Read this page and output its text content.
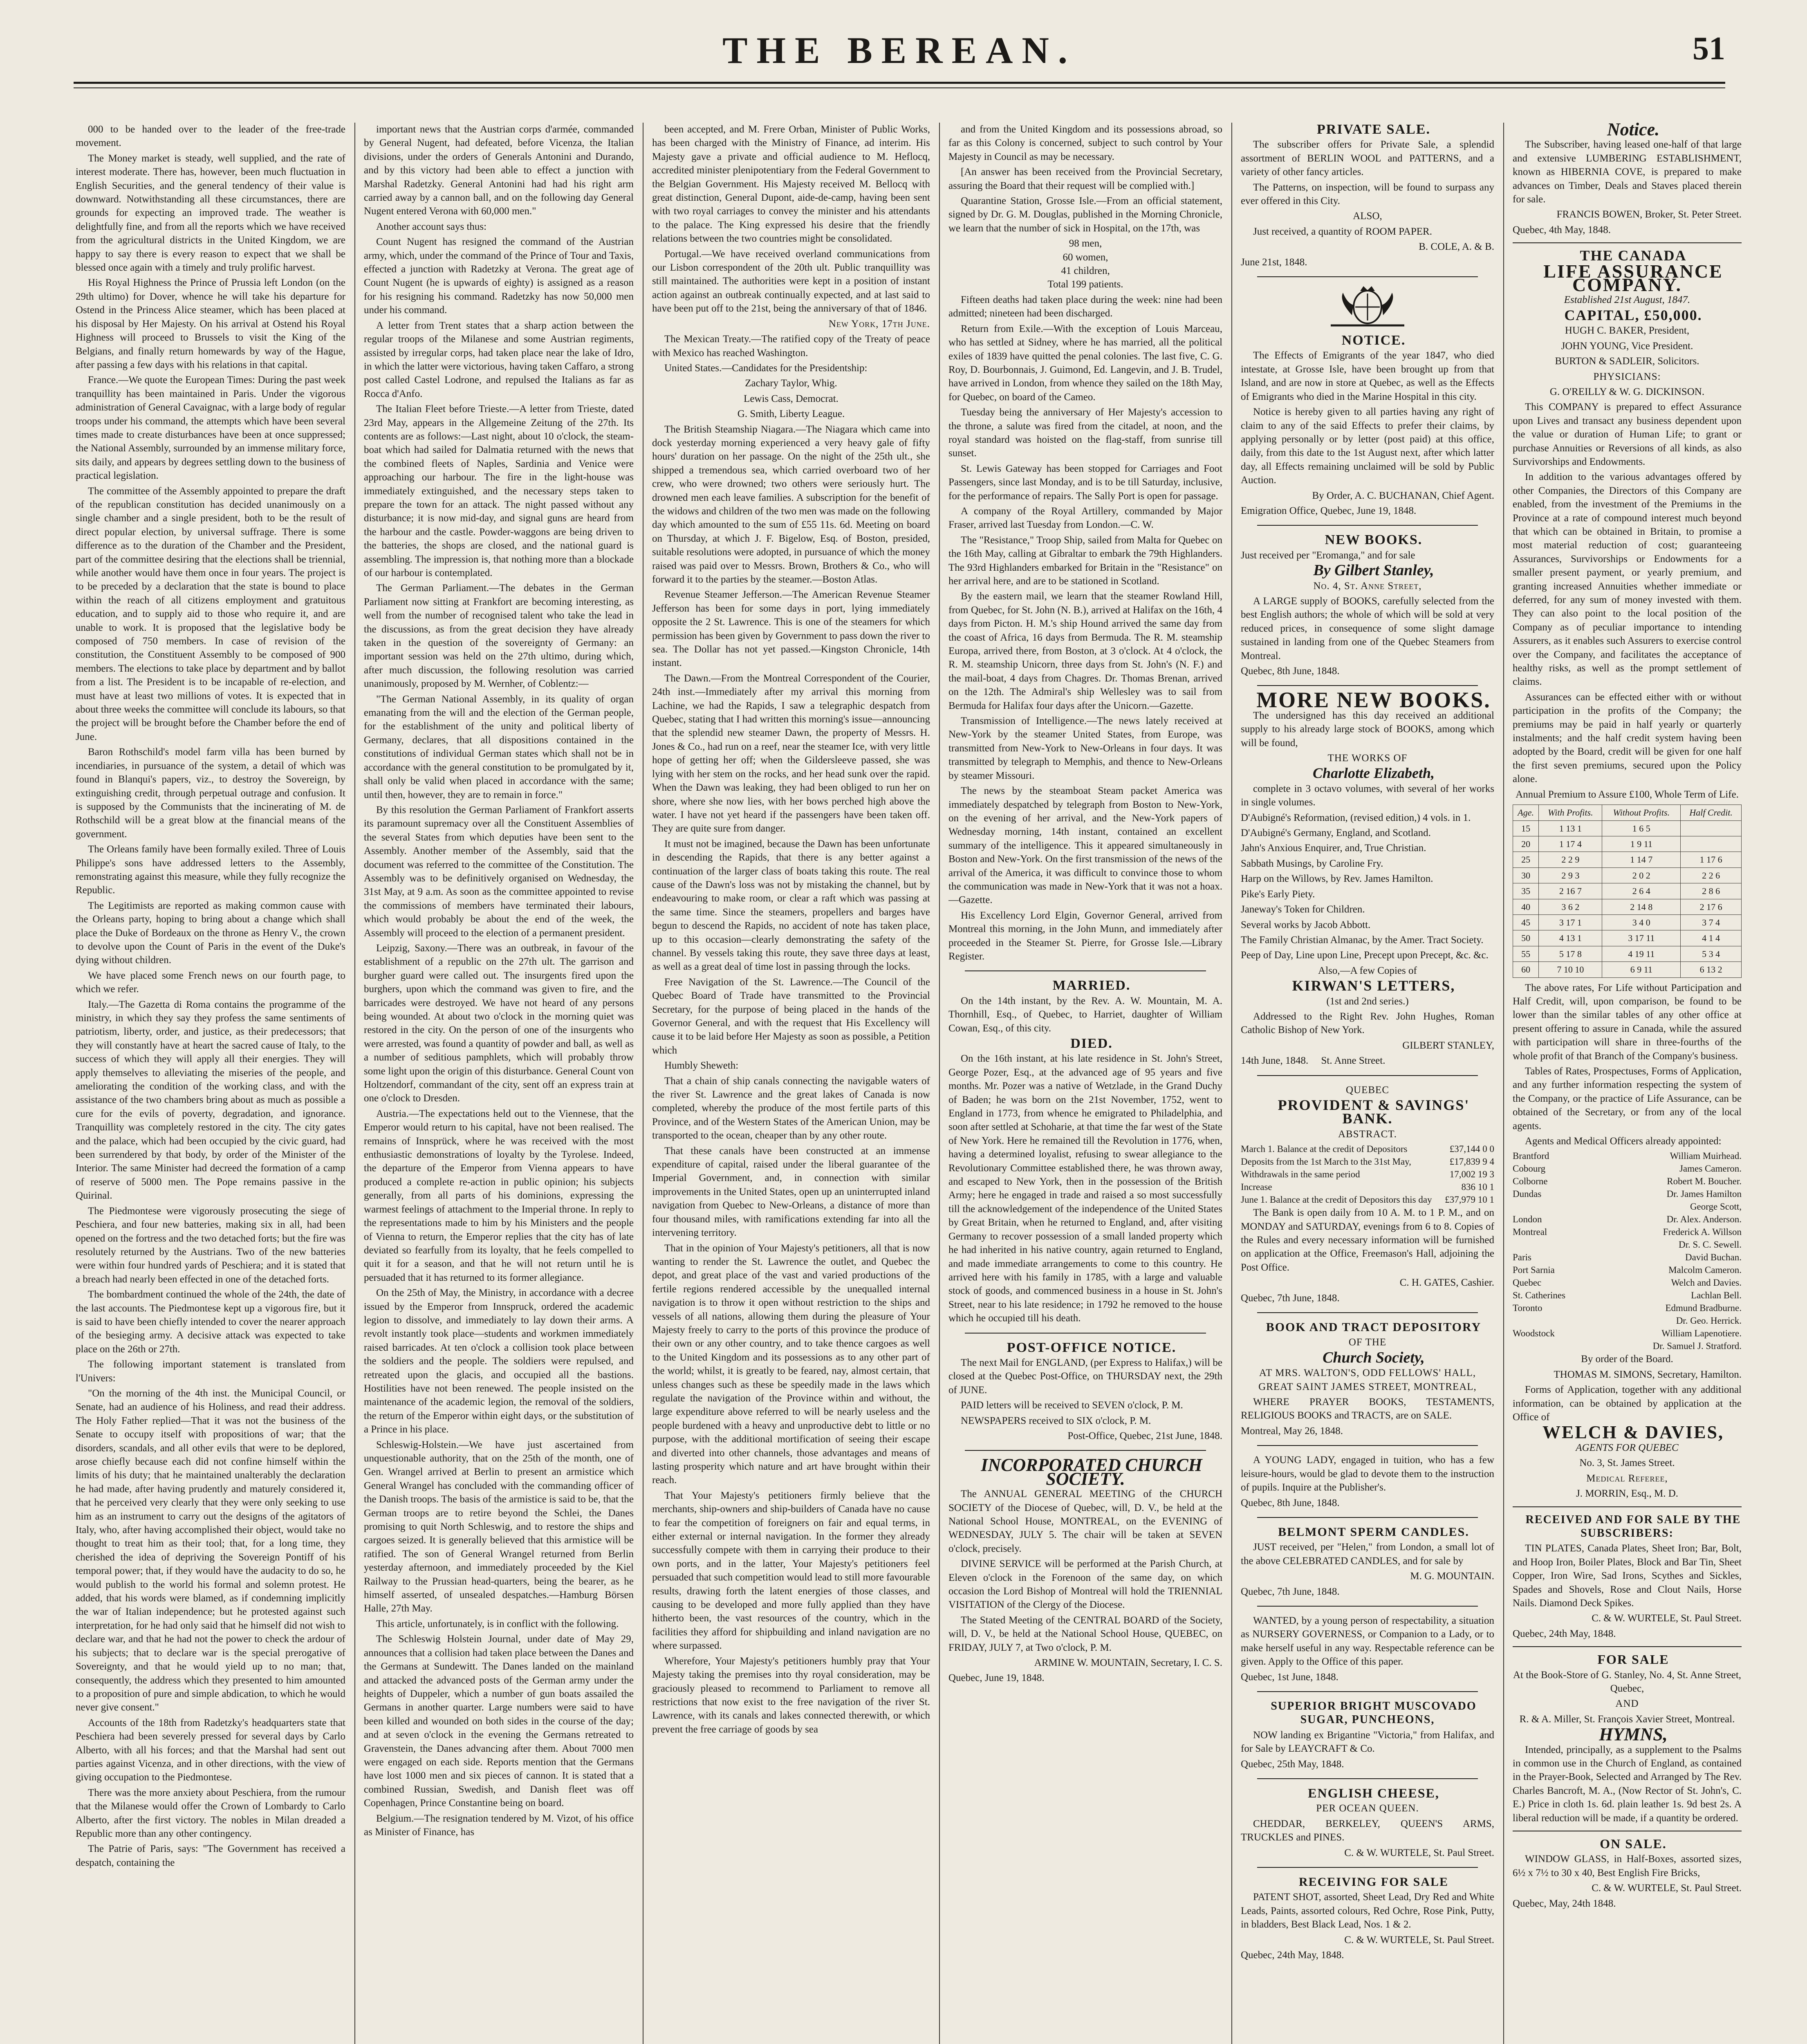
THE BEREAN.	51

000 to be handed over to the leader of the free-trade movement.

The Money market is steady, well supplied, and the rate of interest moderate. There has, however, been much fluctuation in English Securities, and the general tendency of their value is downward. Notwithstanding all these circumstances, there are grounds for expecting an improved trade. The weather is delightfully fine, and from all the reports which we have received from the agricultural districts in the United Kingdom, we are happy to say there is every reason to expect that we shall be blessed once again with a timely and truly prolific harvest.

His Royal Highness the Prince of Prussia left London (on the 29th ultimo) for Dover, whence he will take his departure for Ostend in the Princess Alice steamer, which has been placed at his disposal by Her Majesty. On his arrival at Ostend his Royal Highness will proceed to Brussels to visit the King of the Belgians, and finally return homewards by way of the Hague, after passing a few days with his relations in that capital.

France.—We quote the European Times: During the past week tranquillity has been maintained in Paris. Under the vigorous administration of General Cavaignac, with a large body of regular troops under his command, the attempts which have been several times made to create disturbances have been at once suppressed; the National Assembly, surrounded by an immense military force, sits daily, and appears by degrees settling down to the business of practical legislation.

The committee of the Assembly appointed to prepare the draft of the republican constitution has decided unanimously on a single chamber and a single president, both to be the result of direct popular election, by universal suffrage. There is some difference as to the duration of the Chamber and the President, part of the committee desiring that the elections shall be triennial, while another would have them once in four years. The project is to be preceded by a declaration that the state is bound to place within the reach of all citizens employment and gratuitous education, and to supply aid to those who require it, and are unable to work. It is proposed that the legislative body be composed of 750 members. In case of revision of the constitution, the Constituent Assembly to be composed of 900 members. The elections to take place by department and by ballot from a list. The President is to be incapable of re-election, and must have at least two millions of votes. It is expected that in about three weeks the committee will conclude its labours, so that the project will be brought before the Chamber before the end of June.

Baron Rothschild's model farm villa has been burned by incendiaries, in pursuance of the system, a detail of which was found in Blanqui's papers, viz., to destroy the Sovereign, by extinguishing credit, through perpetual outrage and confusion. It is supposed by the Communists that the incinerating of M. de Rothschild will be a great blow at the financial means of the government.

The Orleans family have been formally exiled. Three of Louis Philippe's sons have addressed letters to the Assembly, remonstrating against this measure, while they fully recognize the Republic.

The Legitimists are reported as making common cause with the Orleans party, hoping to bring about a change which shall place the Duke of Bordeaux on the throne as Henry V., the crown to devolve upon the Count of Paris in the event of the Duke's dying without children.

We have placed some French news on our fourth page, to which we refer.

Italy.—The Gazetta di Roma contains the programme of the ministry, in which they say they profess the same sentiments of patriotism, liberty, order, and justice, as their predecessors; that they will constantly have at heart the sacred cause of Italy, to the success of which they will apply all their energies. They will apply themselves to alleviating the miseries of the people, and ameliorating the condition of the working class, and with the assistance of the two chambers bring about as much as possible a cure for the evils of poverty, degradation, and ignorance. Tranquillity was completely restored in the city. The city gates and the palace, which had been occupied by the civic guard, had been surrendered by that body, by order of the Minister of the Interior. The same Minister had decreed the formation of a camp of reserve of 5000 men. The Pope remains passive in the Quirinal.

The Piedmontese were vigorously prosecuting the siege of Peschiera, and four new batteries, making six in all, had been opened on the fortress and the two detached forts; but the fire was resolutely returned by the Austrians. Two of the new batteries were within four hundred yards of Peschiera; and it is stated that a breach had nearly been effected in one of the detached forts.

The bombardment continued the whole of the 24th, the date of the last accounts. The Piedmontese kept up a vigorous fire, but it is said to have been chiefly intended to cover the nearer approach of the besieging army. A decisive attack was expected to take place on the 26th or 27th.

The following important statement is translated from l'Univers:

"On the morning of the 4th inst. the Municipal Council, or Senate, had an audience of his Holiness, and read their address. The Holy Father replied—That it was not the business of the Senate to occupy itself with propositions of war; that the disorders, scandals, and all other evils that were to be deplored, arose chiefly because each did not confine himself within the limits of his duty; that he maintained unalterably the declaration he had made, after having prudently and maturely considered it, that he perceived very clearly that they were only seeking to use him as an instrument to carry out the designs of the agitators of Italy, who, after having accomplished their object, would take no thought to treat him as their tool; that, for a long time, they cherished the idea of depriving the Sovereign Pontiff of his temporal power; that, if they would have the audacity to do so, he would publish to the world his formal and solemn protest. He added, that his words were blamed, as if condemning implicitly the war of Italian independence; but he protested against such interpretation, for he had only said that he himself did not wish to declare war, and that he had not the power to check the ardour of his subjects; that to declare war is the special prerogative of Sovereignty, and that he would yield up to no man; that, consequently, the address which they presented to him amounted to a proposition of pure and simple abdication, to which he would never give consent."

Accounts of the 18th from Radetzky's headquarters state that Peschiera had been severely pressed for several days by Carlo Alberto, with all his forces; and that the Marshal had sent out parties against Vicenza, and in other directions, with the view of giving occupation to the Piedmontese.

There was the more anxiety about Peschiera, from the rumour that the Milanese would offer the Crown of Lombardy to Carlo Alberto, after the first victory. The nobles in Milan dreaded a Republic more than any other contingency.

The Patrie of Paris, says: "The Government has received a despatch, containing the

important news that the Austrian corps d'armée, commanded by General Nugent, had defeated, before Vicenza, the Italian divisions, under the orders of Generals Antonini and Durando, and by this victory had been able to effect a junction with Marshal Radetzky. General Antonini had had his right arm carried away by a cannon ball, and on the following day General Nugent entered Verona with 60,000 men."

Another account says thus:

Count Nugent has resigned the command of the Austrian army, which, under the command of the Prince of Tour and Taxis, effected a junction with Radetzky at Verona. The great age of Count Nugent (he is upwards of eighty) is assigned as a reason for his resigning his command. Radetzky has now 50,000 men under his command.

A letter from Trent states that a sharp action between the regular troops of the Milanese and some Austrian regiments, assisted by irregular corps, had taken place near the lake of Idro, in which the latter were victorious, having taken Caffaro, a strong post called Castel Lodrone, and repulsed the Italians as far as Rocca d'Anfo.

The Italian Fleet before Trieste.—A letter from Trieste, dated 23rd May, appears in the Allgemeine Zeitung of the 27th. Its contents are as follows:—Last night, about 10 o'clock, the steam-boat which had sailed for Dalmatia returned with the news that the combined fleets of Naples, Sardinia and Venice were approaching our harbour. The fire in the light-house was immediately extinguished, and the necessary steps taken to prepare the town for an attack. The night passed without any disturbance; it is now mid-day, and signal guns are heard from the harbour and the castle. Powder-waggons are being driven to the batteries, the shops are closed, and the national guard is assembling. The impression is, that nothing more than a blockade of our harbour is contemplated.

The German Parliament.—The debates in the German Parliament now sitting at Frankfort are becoming interesting, as well from the number of recognised talent who take the lead in the discussions, as from the great decision they have already taken in the question of the sovereignty of Germany: an important session was held on the 27th ultimo, during which, after much discussion, the following resolution was carried unanimously, proposed by M. Wernher, of Coblentz:—

"The German National Assembly, in its quality of organ emanating from the will and the election of the German people, for the establishment of the unity and political liberty of Germany, declares, that all dispositions contained in the constitutions of individual German states which shall not be in accordance with the general constitution to be promulgated by it, shall only be valid when placed in accordance with the same; until then, however, they are to remain in force."

By this resolution the German Parliament of Frankfort asserts its paramount supremacy over all the Constituent Assemblies of the several States from which deputies have been sent to the Assembly. Another member of the Assembly, said that the document was referred to the committee of the Constitution. The Assembly was to be definitively organised on Wednesday, the 31st May, at 9 a.m. As soon as the committee appointed to revise the commissions of members have terminated their labours, which would probably be about the end of the week, the Assembly will proceed to the election of a permanent president.

Leipzig, Saxony.—There was an outbreak, in favour of the establishment of a republic on the 27th ult. The garrison and burgher guard were called out. The insurgents fired upon the burghers, upon which the command was given to fire, and the barricades were destroyed. We have not heard of any persons being wounded. At about two o'clock in the morning quiet was restored in the city. On the person of one of the insurgents who were arrested, was found a quantity of powder and ball, as well as a number of seditious pamphlets, which will probably throw some light upon the origin of this disturbance. General Count von Holtzendorf, commandant of the city, sent off an express train at one o'clock to Dresden.

Austria.—The expectations held out to the Viennese, that the Emperor would return to his capital, have not been realised. The remains of Innsprück, where he was received with the most enthusiastic demonstrations of loyalty by the Tyrolese. Indeed, the departure of the Emperor from Vienna appears to have produced a complete re-action in public opinion; his subjects generally, from all parts of his dominions, expressing the warmest feelings of attachment to the Imperial throne. In reply to the representations made to him by his Ministers and the people of Vienna to return, the Emperor replies that the city has of late deviated so fearfully from its loyalty, that he feels compelled to quit it for a season, and that he will not return until he is persuaded that it has returned to its former allegiance.

On the 25th of May, the Ministry, in accordance with a decree issued by the Emperor from Innspruck, ordered the academic legion to dissolve, and immediately to lay down their arms. A revolt instantly took place—students and workmen immediately raised barricades. At ten o'clock a collision took place between the soldiers and the people. The soldiers were repulsed, and retreated upon the glacis, and occupied all the bastions. Hostilities have not been renewed. The people insisted on the maintenance of the academic legion, the removal of the soldiers, the return of the Emperor within eight days, or the substitution of a Prince in his place.

Schleswig-Holstein.—We have just ascertained from unquestionable authority, that on the 25th of the month, one of Gen. Wrangel arrived at Berlin to present an armistice which General Wrangel has concluded with the commanding officer of the Danish troops. The basis of the armistice is said to be, that the German troops are to retire beyond the Schlei, the Danes promising to quit North Schleswig, and to restore the ships and cargoes seized. It is generally believed that this armistice will be ratified. The son of General Wrangel returned from Berlin yesterday afternoon, and immediately proceeded by the Kiel Railway to the Prussian head-quarters, being the bearer, as he himself asserted, of unsealed despatches.—Hamburg Börsen Halle, 27th May.

This article, unfortunately, is in conflict with the following.

The Schleswig Holstein Journal, under date of May 29, announces that a collision had taken place between the Danes and the Germans at Sundewitt. The Danes landed on the mainland and attacked the advanced posts of the German army under the heights of Duppeler, which a number of gun boats assailed the Germans in another quarter. Large numbers were said to have been killed and wounded on both sides in the course of the day; and at seven o'clock in the evening the Germans retreated to Gravenstein, the Danes advancing after them. About 7000 men were engaged on each side. Reports mention that the Germans have lost 1000 men and six pieces of cannon. It is stated that a combined Russian, Swedish, and Danish fleet was off Copenhagen, Prince Constantine being on board.

Belgium.—The resignation tendered by M. Vizot, of his office as Minister of Finance, has

been accepted, and M. Frere Orban, Minister of Public Works, has been charged with the Ministry of Finance, ad interim. His Majesty gave a private and official audience to M. Heflocq, accredited minister plenipotentiary from the Federal Government to the Belgian Government. His Majesty received M. Bellocq with great distinction, General Dupont, aide-de-camp, having been sent with two royal carriages to convey the minister and his attendants to the palace. The King expressed his desire that the friendly relations between the two countries might be consolidated.

Portugal.—We have received overland communications from our Lisbon correspondent of the 20th ult. Public tranquillity was still maintained. The authorities were kept in a position of instant action against an outbreak continually expected, and at last said to have been put off to the 21st, being the anniversary of that of 1846.

New York, 17th June.

The Mexican Treaty.—The ratified copy of the Treaty of peace with Mexico has reached Washington.

United States.—Candidates for the Presidentship:

Zachary Taylor, Whig.

Lewis Cass, Democrat.

G. Smith, Liberty League.

The British Steamship Niagara.—The Niagara which came into dock yesterday morning experienced a very heavy gale of fifty hours' duration on her passage. On the night of the 25th ult., she shipped a tremendous sea, which carried overboard two of her crew, who were drowned; two others were seriously hurt. The drowned men each leave families. A subscription for the benefit of the widows and children of the two men was made on the following day which amounted to the sum of £55 11s. 6d. Meeting on board on Thursday, at which J. F. Bigelow, Esq. of Boston, presided, suitable resolutions were adopted, in pursuance of which the money raised was paid over to Messrs. Brown, Brothers & Co., who will forward it to the parties by the steamer.—Boston Atlas.

Revenue Steamer Jefferson.—The American Revenue Steamer Jefferson has been for some days in port, lying immediately opposite the 2 St. Lawrence. This is one of the steamers for which permission has been given by Government to pass down the river to sea. The Dollar has not yet passed.—Kingston Chronicle, 14th instant.

The Dawn.—From the Montreal Correspondent of the Courier, 24th inst.—Immediately after my arrival this morning from Lachine, we had the Rapids, I saw a telegraphic despatch from Quebec, stating that I had written this morning's issue—announcing that the splendid new steamer Dawn, the property of Messrs. H. Jones & Co., had run on a reef, near the steamer Ice, with very little hope of getting her off; when the Gildersleeve passed, she was lying with her stem on the rocks, and her head sunk over the rapid. When the Dawn was leaking, they had been obliged to run her on shore, where she now lies, with her bows perched high above the water. I have not yet heard if the passengers have been taken off. They are quite sure from danger.

It must not be imagined, because the Dawn has been unfortunate in descending the Rapids, that there is any better against a continuation of the larger class of boats taking this route. The real cause of the Dawn's loss was not by mistaking the channel, but by endeavouring to make room, or clear a raft which was passing at the same time. Since the steamers, propellers and barges have begun to descend the Rapids, no accident of note has taken place, up to this occasion—clearly demonstrating the safety of the channel. By vessels taking this route, they save three days at least, as well as a great deal of time lost in passing through the locks.

Free Navigation of the St. Lawrence.—The Council of the Quebec Board of Trade have transmitted to the Provincial Secretary, for the purpose of being placed in the hands of the Governor General, and with the request that His Excellency will cause it to be laid before Her Majesty as soon as possible, a Petition which

Humbly Sheweth:

That a chain of ship canals connecting the navigable waters of the river St. Lawrence and the great lakes of Canada is now completed, whereby the produce of the most fertile parts of this Province, and of the Western States of the American Union, may be transported to the ocean, cheaper than by any other route.

That these canals have been constructed at an immense expenditure of capital, raised under the liberal guarantee of the Imperial Government, and, in connection with similar improvements in the United States, open up an uninterrupted inland navigation from Quebec to New-Orleans, a distance of more than four thousand miles, with ramifications extending far into all the intervening territory.

That in the opinion of Your Majesty's petitioners, all that is now wanting to render the St. Lawrence the outlet, and Quebec the depot, and great place of the vast and varied productions of the fertile regions rendered accessible by the unequalled internal navigation is to throw it open without restriction to the ships and vessels of all nations, allowing them during the pleasure of Your Majesty freely to carry to the ports of this province the produce of their own or any other country, and to take thence cargoes as well to the United Kingdom and its possessions as to any other part of the world; whilst, it is greatly to be feared, nay, almost certain, that unless changes such as these be speedily made in the laws which regulate the navigation of the Province within and without, the large expenditure above referred to will be nearly useless and the people burdened with a heavy and unproductive debt to little or no purpose, with the additional mortification of seeing their escape and diverted into other channels, those advantages and means of lasting prosperity which nature and art have brought within their reach.

That Your Majesty's petitioners firmly believe that the merchants, ship-owners and ship-builders of Canada have no cause to fear the competition of foreigners on fair and equal terms, in either external or internal navigation. In the former they already successfully compete with them in carrying their produce to their own ports, and in the latter, Your Majesty's petitioners feel persuaded that such competition would lead to still more favourable results, drawing forth the latent energies of those classes, and causing to be developed and more fully applied than they have hitherto been, the vast resources of the country, which in the facilities they afford for shipbuilding and inland navigation are no where surpassed.

Wherefore, Your Majesty's petitioners humbly pray that Your Majesty taking the premises into thy royal consideration, may be graciously pleased to recommend to Parliament to remove all restrictions that now exist to the free navigation of the river St. Lawrence, with its canals and lakes connected therewith, or which prevent the free carriage of goods by sea

and from the United Kingdom and its possessions abroad, so far as this Colony is concerned, subject to such control by Your Majesty in Council as may be necessary.

[An answer has been received from the Provincial Secretary, assuring the Board that their request will be complied with.]

Quarantine Station, Grosse Isle.—From an official statement, signed by Dr. G. M. Douglas, published in the Morning Chronicle, we learn that the number of sick in Hospital, on the 17th, was

98 men,
60 women,
41 children,

Total 199 patients.

Fifteen deaths had taken place during the week: nine had been admitted; nineteen had been discharged.

Return from Exile.—With the exception of Louis Marceau, who has settled at Sidney, where he has married, all the political exiles of 1839 have quitted the penal colonies. The last five, C. G. Roy, D. Bourbonnais, J. Guimond, Ed. Langevin, and J. B. Trudel, have arrived in London, from whence they sailed on the 18th May, for Quebec, on board of the Cameo.

Tuesday being the anniversary of Her Majesty's accession to the throne, a salute was fired from the citadel, at noon, and the royal standard was hoisted on the flag-staff, from sunrise till sunset.

St. Lewis Gateway has been stopped for Carriages and Foot Passengers, since last Monday, and is to be till Saturday, inclusive, for the performance of repairs. The Sally Port is open for passage.

A company of the Royal Artillery, commanded by Major Fraser, arrived last Tuesday from London.—C. W.

The "Resistance," Troop Ship, sailed from Malta for Quebec on the 16th May, calling at Gibraltar to embark the 79th Highlanders. The 93rd Highlanders embarked for Britain in the "Resistance" on her arrival here, and are to be stationed in Scotland.

By the eastern mail, we learn that the steamer Rowland Hill, from Quebec, for St. John (N. B.), arrived at Halifax on the 16th, 4 days from Picton. H. M.'s ship Hound arrived the same day from the coast of Africa, 16 days from Bermuda. The R. M. steamship Europa, arrived there, from Boston, at 3 o'clock. At 4 o'clock, the R. M. steamship Unicorn, three days from St. John's (N. F.) and the mail-boat, 4 days from Chagres. Dr. Thomas Brenan, arrived on the 12th. The Admiral's ship Wellesley was to sail from Bermuda for Halifax four days after the Unicorn.—Gazette.

Transmission of Intelligence.—The news lately received at New-York by the steamer United States, from Europe, was transmitted from New-York to New-Orleans in four days. It was transmitted by telegraph to Memphis, and thence to New-Orleans by steamer Missouri.

The news by the steamboat Steam packet America was immediately despatched by telegraph from Boston to New-York, on the evening of her arrival, and the New-York papers of Wednesday morning, 14th instant, contained an excellent summary of the intelligence. This it appeared simultaneously in Boston and New-York. On the first transmission of the news of the arrival of the America, it was difficult to convince those to whom the communication was made in New-York that it was not a hoax.—Gazette.

His Excellency Lord Elgin, Governor General, arrived from Montreal this morning, in the John Munn, and immediately after proceeded in the Steamer St. Pierre, for Grosse Isle.—Library Register.

MARRIED.

On the 14th instant, by the Rev. A. W. Mountain, M. A. Thornhill, Esq., of Quebec, to Harriet, daughter of William Cowan, Esq., of this city.

DIED.

On the 16th instant, at his late residence in St. John's Street, George Pozer, Esq., at the advanced age of 95 years and five months. Mr. Pozer was a native of Wetzlade, in the Grand Duchy of Baden; he was born on the 21st November, 1752, went to England in 1773, from whence he emigrated to Philadelphia, and soon after settled at Schoharie, at that time the far west of the State of New York. Here he remained till the Revolution in 1776, when, having a determined loyalist, refusing to swear allegiance to the Revolutionary Committee established there, he was thrown away, and escaped to New York, then in the possession of the British Army; here he engaged in trade and raised a so most successfully till the acknowledgement of the independence of the United States by Great Britain, when he returned to England, and, after visiting Germany to recover possession of a small landed property which he had inherited in his native country, again returned to England, and made immediate arrangements to come to this country. He arrived here with his family in 1785, with a large and valuable stock of goods, and commenced business in a house in St. John's Street, near to his late residence; in 1792 he removed to the house which he occupied till his death.

POST-OFFICE NOTICE.

The next Mail for ENGLAND, (per Express to Halifax,) will be closed at the Quebec Post-Office, on THURSDAY next, the 29th of JUNE.

PAID letters will be received to SEVEN o'clock, P. M.

NEWSPAPERS received to SIX o'clock, P. M.

Post-Office, Quebec, 21st June, 1848.

INCORPORATED CHURCH SOCIETY.

The ANNUAL GENERAL MEETING of the CHURCH SOCIETY of the Diocese of Quebec, will, D. V., be held at the National School House, MONTREAL, on the EVENING of WEDNESDAY, JULY 5. The chair will be taken at SEVEN o'clock, precisely.

DIVINE SERVICE will be performed at the Parish Church, at Eleven o'clock in the Forenoon of the same day, on which occasion the Lord Bishop of Montreal will hold the TRIENNIAL VISITATION of the Clergy of the Diocese.

The Stated Meeting of the CENTRAL BOARD of the Society, will, D. V., be held at the National School House, QUEBEC, on FRIDAY, JULY 7, at Two o'clock, P. M.

ARMINE W. MOUNTAIN, Secretary, I. C. S.

Quebec, June 19, 1848.

PRIVATE SALE.

The subscriber offers for Private Sale, a splendid assortment of BERLIN WOOL and PATTERNS, and a variety of other fancy articles.

The Patterns, on inspection, will be found to surpass any ever offered in this City.

ALSO,

Just received, a quantity of ROOM PAPER.

B. COLE, A. & B.

June 21st, 1848.

NOTICE.

The Effects of Emigrants of the year 1847, who died intestate, at Grosse Isle, have been brought up from that Island, and are now in store at Quebec, as well as the Effects of Emigrants who died in the Marine Hospital in this city.

Notice is hereby given to all parties having any right of claim to any of the said Effects to prefer their claims, by applying personally or by letter (post paid) at this office, daily, from this date to the 1st August next, after which latter day, all Effects remaining unclaimed will be sold by Public Auction.

By Order, A. C. BUCHANAN, Chief Agent.

Emigration Office, Quebec, June 19, 1848.

NEW BOOKS.

Just received per "Eromanga," and for sale

By Gilbert Stanley,

No. 4, St. Anne Street,

A LARGE supply of BOOKS, carefully selected from the best English authors; the whole of which will be sold at very reduced prices, in consequence of some slight damage sustained in landing from one of the Quebec Steamers from Montreal.

Quebec, 8th June, 1848.

MORE NEW BOOKS.

The undersigned has this day received an additional supply to his already large stock of BOOKS, among which will be found,

THE WORKS OF

Charlotte Elizabeth,

complete in 3 octavo volumes, with several of her works in single volumes.

D'Aubigné's Reformation, (revised edition,) 4 vols. in 1.

D'Aubigné's Germany, England, and Scotland.

Jahn's Anxious Enquirer, and, True Christian.

Sabbath Musings, by Caroline Fry.

Harp on the Willows, by Rev. James Hamilton.

Pike's Early Piety.

Janeway's Token for Children.

Several works by Jacob Abbott.

The Family Christian Almanac, by the Amer. Tract Society.

Peep of Day, Line upon Line, Precept upon Precept, &c. &c.

Also,—A few Copies of

KIRWAN'S LETTERS,

(1st and 2nd series.)

Addressed to the Right Rev. John Hughes, Roman Catholic Bishop of New York.

GILBERT STANLEY,

14th June, 1848. St. Anne Street.

QUEBEC

PROVIDENT & SAVINGS' BANK.

ABSTRACT.

March 1. Balance at the credit of Depositors	£37,144 0 0
Deposits from the 1st March to the 31st May,	£17,839 9 4
Withdrawals in the same period	17,002 19 3
Increase	836 10 1
June 1. Balance at the credit of Depositors this day	£37,979 10 1

The Bank is open daily from 10 A. M. to 1 P. M., and on MONDAY and SATURDAY, evenings from 6 to 8. Copies of the Rules and every necessary information will be furnished on application at the Office, Freemason's Hall, adjoining the Post Office.

C. H. GATES, Cashier.

Quebec, 7th June, 1848.

BOOK AND TRACT DEPOSITORY

OF THE

Church Society,

AT MRS. WALTON'S, ODD FELLOWS' HALL, GREAT SAINT JAMES STREET, MONTREAL,

WHERE PRAYER BOOKS, TESTAMENTS, RELIGIOUS BOOKS and TRACTS, are on SALE.

Montreal, May 26, 1848.

A YOUNG LADY, engaged in tuition, who has a few leisure-hours, would be glad to devote them to the instruction of pupils. Inquire at the Publisher's.

Quebec, 8th June, 1848.

BELMONT SPERM CANDLES.

JUST received, per "Helen," from London, a small lot of the above CELEBRATED CANDLES, and for sale by

M. G. MOUNTAIN.

Quebec, 7th June, 1848.

WANTED, by a young person of respectability, a situation as NURSERY GOVERNESS, or Companion to a Lady, or to make herself useful in any way. Respectable reference can be given. Apply to the Office of this paper.

Quebec, 1st June, 1848.

SUPERIOR BRIGHT MUSCOVADO SUGAR, PUNCHEONS,

NOW landing ex Brigantine "Victoria," from Halifax, and for Sale by LEAYCRAFT & Co.

Quebec, 25th May, 1848.

ENGLISH CHEESE,

PER OCEAN QUEEN.

CHEDDAR, BERKELEY, QUEEN'S ARMS, TRUCKLES and PINES.

C. & W. WURTELE, St. Paul Street.

RECEIVING FOR SALE

PATENT SHOT, assorted, Sheet Lead, Dry Red and White Leads, Paints, assorted colours, Red Ochre, Rose Pink, Putty, in bladders, Best Black Lead, Nos. 1 & 2.

C. & W. WURTELE, St. Paul Street.

Quebec, 24th May, 1848.

Notice.

The Subscriber, having leased one-half of that large and extensive LUMBERING ESTABLISHMENT, known as HIBERNIA COVE, is prepared to make advances on Timber, Deals and Staves placed therein for sale.

FRANCIS BOWEN, Broker, St. Peter Street.

Quebec, 4th May, 1848.

THE CANADA

LIFE ASSURANCE COMPANY.

Established 21st August, 1847.

CAPITAL, £50,000.

HUGH C. BAKER, President,

JOHN YOUNG, Vice President.

BURTON & SADLEIR, Solicitors.

PHYSICIANS:

G. O'REILLY & W. G. DICKINSON.

This COMPANY is prepared to effect Assurance upon Lives and transact any business dependent upon the value or duration of Human Life; to grant or purchase Annuities or Reversions of all kinds, as also Survivorships and Endowments.

In addition to the various advantages offered by other Companies, the Directors of this Company are enabled, from the investment of the Premiums in the Province at a rate of compound interest much beyond that which can be obtained in Britain, to promise a most material reduction of cost; guaranteeing Assurances, Survivorships or Endowments for a smaller present payment, or yearly premium, and granting increased Annuities whether immediate or deferred, for any sum of money invested with them. They can also point to the local position of the Company as of peculiar importance to intending Assurers, as it enables such Assurers to exercise control over the Company, and facilitates the acceptance of healthy risks, as well as the prompt settlement of claims.

Assurances can be effected either with or without participation in the profits of the Company; the premiums may be paid in half yearly or quarterly instalments; and the half credit system having been adopted by the Board, credit will be given for one half the first seven premiums, secured upon the Policy alone.

Annual Premium to Assure £100, Whole Term of Life.

Age.	With Profits.	Without Profits.	Half Credit.
15	1 13 1	1 6 5	
20	1 17 4	1 9 11	
25	2 2 9	1 14 7	1 17 6
30	2 9 3	2 0 2	2 2 6
35	2 16 7	2 6 4	2 8 6
40	3 6 2	2 14 8	2 17 6
45	3 17 1	3 4 0	3 7 4
50	4 13 1	3 17 11	4 1 4
55	5 17 8	4 19 11	5 3 4
60	7 10 10	6 9 11	6 13 2

The above rates, For Life without Participation and Half Credit, will, upon comparison, be found to be lower than the similar tables of any other office at present offering to assure in Canada, while the assured with participation will share in three-fourths of the whole profit of that Branch of the Company's business.

Tables of Rates, Prospectuses, Forms of Application, and any further information respecting the system of the Company, or the practice of Life Assurance, can be obtained of the Secretary, or from any of the local agents.

Agents and Medical Officers already appointed:

Brantford	William Muirhead.
Cobourg	James Cameron.
Colborne	Robert M. Boucher.
Dundas	Dr. James Hamilton
George Scott,
London	Dr. Alex. Anderson.
Montreal	Frederick A. Willson
Dr. S. C. Sewell.
Paris	David Buchan.
Port Sarnia	Malcolm Cameron.
Quebec	Welch and Davies.
St. Catherines	Lachlan Bell.
Toronto	Edmund Bradburne.
Dr. Geo. Herrick.
Woodstock	William Lapenotiere.
Dr. Samuel J. Stratford.

By order of the Board.

THOMAS M. SIMONS, Secretary, Hamilton.

Forms of Application, together with any additional information, can be obtained by application at the Office of

WELCH & DAVIES,

AGENTS FOR QUEBEC

No. 3, St. James Street.

Medical Referee,

J. MORRIN, Esq., M. D.

RECEIVED AND FOR SALE BY THE SUBSCRIBERS:

TIN PLATES, Canada Plates, Sheet Iron; Bar, Bolt, and Hoop Iron, Boiler Plates, Block and Bar Tin, Sheet Copper, Iron Wire, Sad Irons, Scythes and Sickles, Spades and Shovels, Rose and Clout Nails, Horse Nails. Diamond Deck Spikes.

C. & W. WURTELE, St. Paul Street.

Quebec, 24th May, 1848.

FOR SALE

At the Book-Store of G. Stanley, No. 4, St. Anne Street, Quebec,

AND

R. & A. Miller, St. François Xavier Street, Montreal.

HYMNS,

Intended, principally, as a supplement to the Psalms in common use in the Church of England, as contained in the Prayer-Book, Selected and Arranged by The Rev. Charles Bancroft, M. A., (Now Rector of St. John's, C. E.) Price in cloth 1s. 6d. plain leather 1s. 9d best 2s. A liberal reduction will be made, if a quantity be ordered.

ON SALE.

WINDOW GLASS, in Half-Boxes, assorted sizes, 6½ x 7½ to 30 x 40, Best English Fire Bricks,

C. & W. WURTELE, St. Paul Street.

Quebec, May, 24th 1848.
